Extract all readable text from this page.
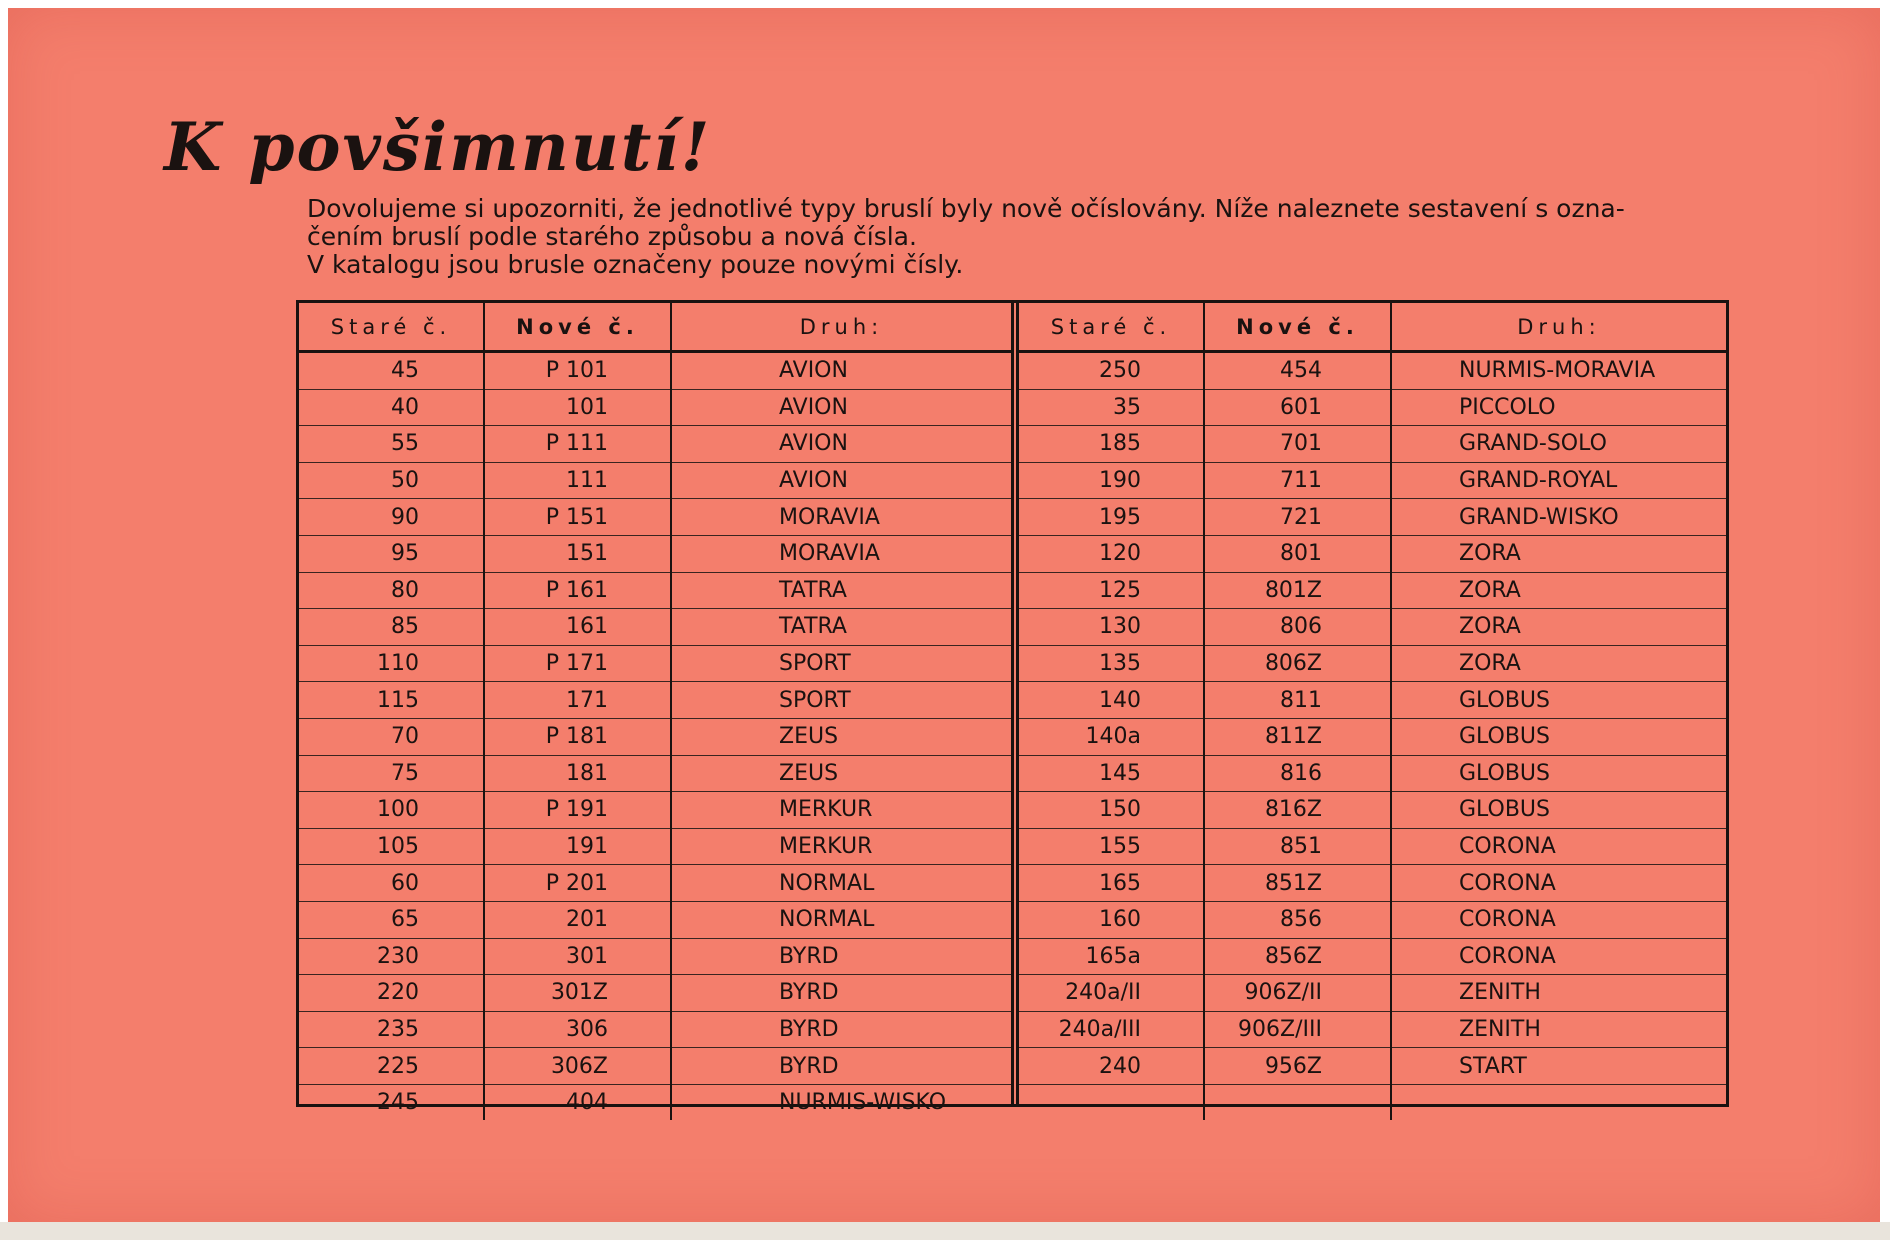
K povšimnutí!

Dovolujeme si upozorniti, že jednotlivé typy bruslí byly nově očíslovány. Níže naleznete sestavení s ozna-

čením bruslí podle starého způsobu a nová čísla.

V katalogu jsou brusle označeny pouze novými čísly.

Staré č.	Nové č.	Druh:
45	P 101	AVION
40	101	AVION
55	P 111	AVION
50	111	AVION
90	P 151	MORAVIA
95	151	MORAVIA
80	P 161	TATRA
85	161	TATRA
110	P 171	SPORT
115	171	SPORT
70	P 181	ZEUS
75	181	ZEUS
100	P 191	MERKUR
105	191	MERKUR
60	P 201	NORMAL
65	201	NORMAL
230	301	BYRD
220	301Z	BYRD
235	306	BYRD
225	306Z	BYRD
245	404	NURMIS-WISKO
Staré č.	Nové č.	Druh:
250	454	NURMIS-MORAVIA
35	601	PICCOLO
185	701	GRAND-SOLO
190	711	GRAND-ROYAL
195	721	GRAND-WISKO
120	801	ZORA
125	801Z	ZORA
130	806	ZORA
135	806Z	ZORA
140	811	GLOBUS
140a	811Z	GLOBUS
145	816	GLOBUS
150	816Z	GLOBUS
155	851	CORONA
165	851Z	CORONA
160	856	CORONA
165a	856Z	CORONA
240a/II	906Z/II	ZENITH
240a/III	906Z/III	ZENITH
240	956Z	START
